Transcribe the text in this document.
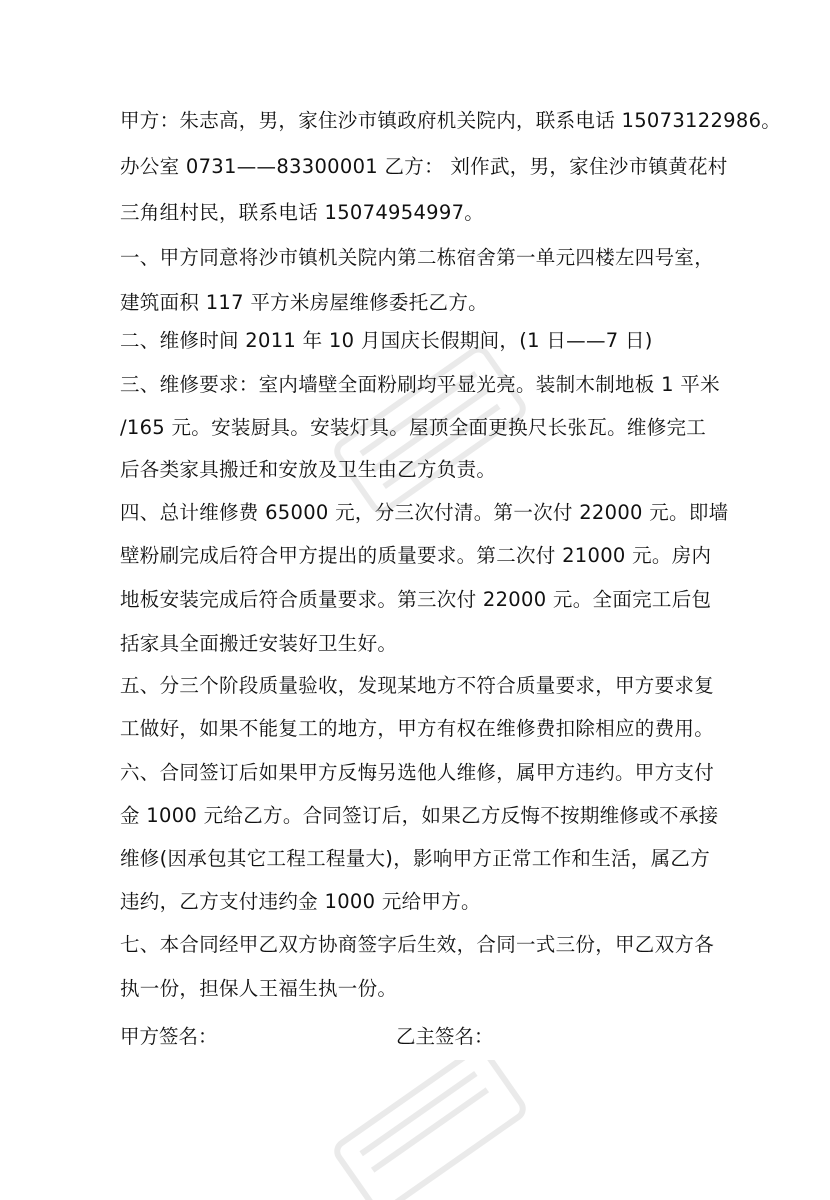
甲方：朱志高，男，家住沙市镇政府机关院内，联系电话 15073122986。
办公室 0731——83300001 乙方： 刘作武，男，家住沙市镇黄花村
三角组村民，联系电话 15074954997。
一、甲方同意将沙市镇机关院内第二栋宿舍第一单元四楼左四号室，
建筑面积 117 平方米房屋维修委托乙方。
二、维修时间 2011 年 10 月国庆长假期间，(1 日——7 日)
三、维修要求：室内墙壁全面粉刷均平显光亮。装制木制地板 1 平米
/165 元。安装厨具。安装灯具。屋顶全面更换尺长张瓦。维修完工
后各类家具搬迁和安放及卫生由乙方负责。
四、总计维修费 65000 元，分三次付清。第一次付 22000 元。即墙
壁粉刷完成后符合甲方提出的质量要求。第二次付 21000 元。房内
地板安装完成后符合质量要求。第三次付 22000 元。全面完工后包
括家具全面搬迁安装好卫生好。
五、分三个阶段质量验收，发现某地方不符合质量要求，甲方要求复
工做好，如果不能复工的地方，甲方有权在维修费扣除相应的费用。
六、合同签订后如果甲方反悔另选他人维修，属甲方违约。甲方支付
金 1000 元给乙方。合同签订后，如果乙方反悔不按期维修或不承接
维修(因承包其它工程工程量大)，影响甲方正常工作和生活，属乙方
违约，乙方支付违约金 1000 元给甲方。
七、本合同经甲乙双方协商签字后生效，合同一式三份，甲乙双方各
执一份，担保人王福生执一份。
甲方签名：	乙主签名：
